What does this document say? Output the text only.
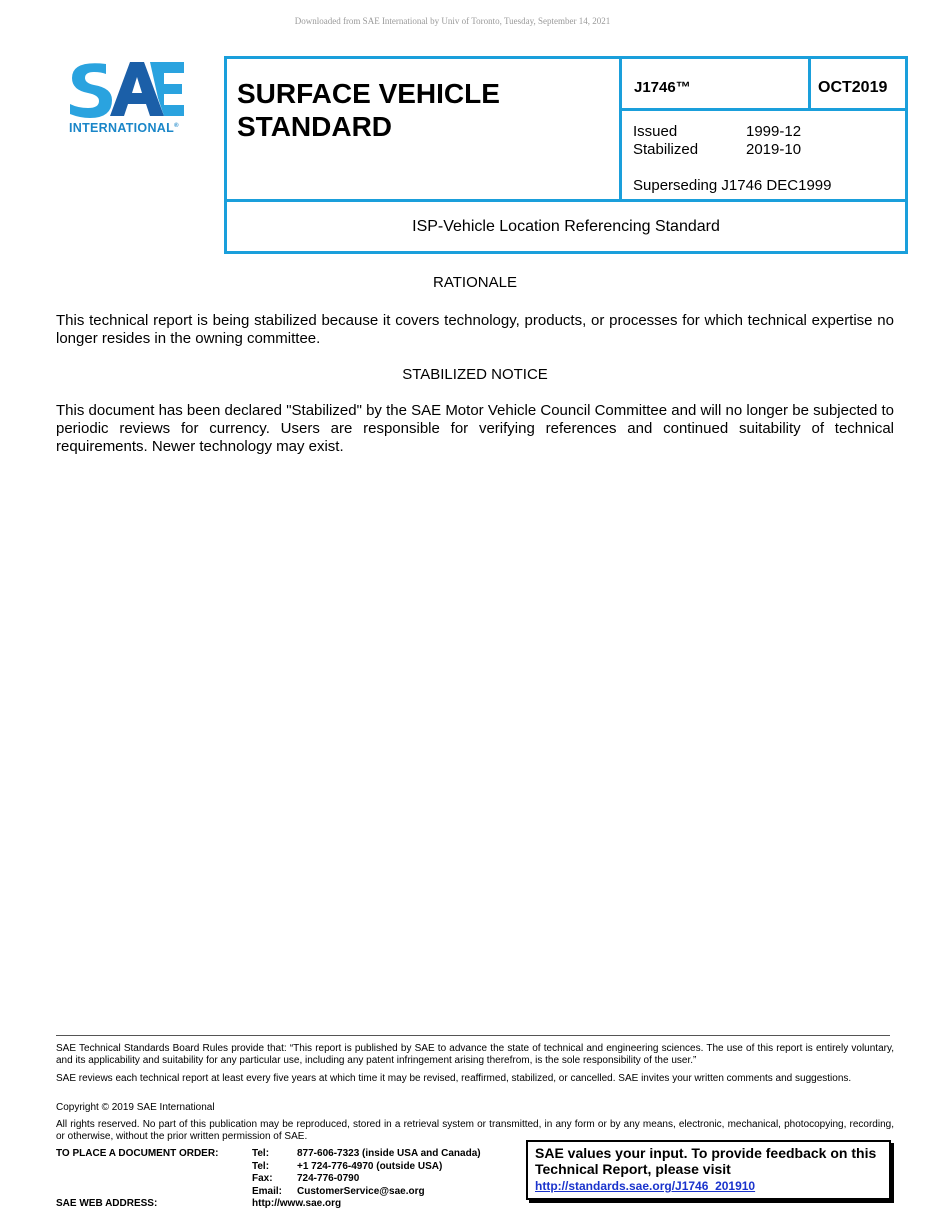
Downloaded from SAE International by Univ of Toronto, Tuesday, September 14, 2021
INTERNATIONAL®
SURFACE VEHICLE
STANDARD
J1746™	OCT2019
Issued	1999-12
Stabilized	2019-10
Superseding J1746 DEC1999
ISP-Vehicle Location Referencing Standard
RATIONALE
This technical report is being stabilized because it covers technology, products, or processes for which technical expertise no longer resides in the owning committee.
STABILIZED NOTICE
This document has been declared "Stabilized" by the SAE Motor Vehicle Council Committee and will no longer be subjected to periodic reviews for currency. Users are responsible for verifying references and continued suitability of technical requirements. Newer technology may exist.
SAE Technical Standards Board Rules provide that: “This report is published by SAE to advance the state of technical and engineering sciences. The use of this report is entirely voluntary, and its applicability and suitability for any particular use, including any patent infringement arising therefrom, is the sole responsibility of the user.”
SAE reviews each technical report at least every five years at which time it may be revised, reaffirmed, stabilized, or cancelled. SAE invites your written comments and suggestions.
Copyright © 2019 SAE International
All rights reserved. No part of this publication may be reproduced, stored in a retrieval system or transmitted, in any form or by any means, electronic, mechanical, photocopying, recording, or otherwise, without the prior written permission of SAE.
TO PLACE A DOCUMENT ORDER:	Tel:	877-606-7323 (inside USA and Canada)
Tel:	+1 724-776-4970 (outside USA)
Fax:	724-776-0790
Email:	CustomerService@sae.org
SAE WEB ADDRESS:	http://www.sae.org
SAE values your input. To provide feedback on this
Technical Report, please visit
http://standards.sae.org/J1746_201910
